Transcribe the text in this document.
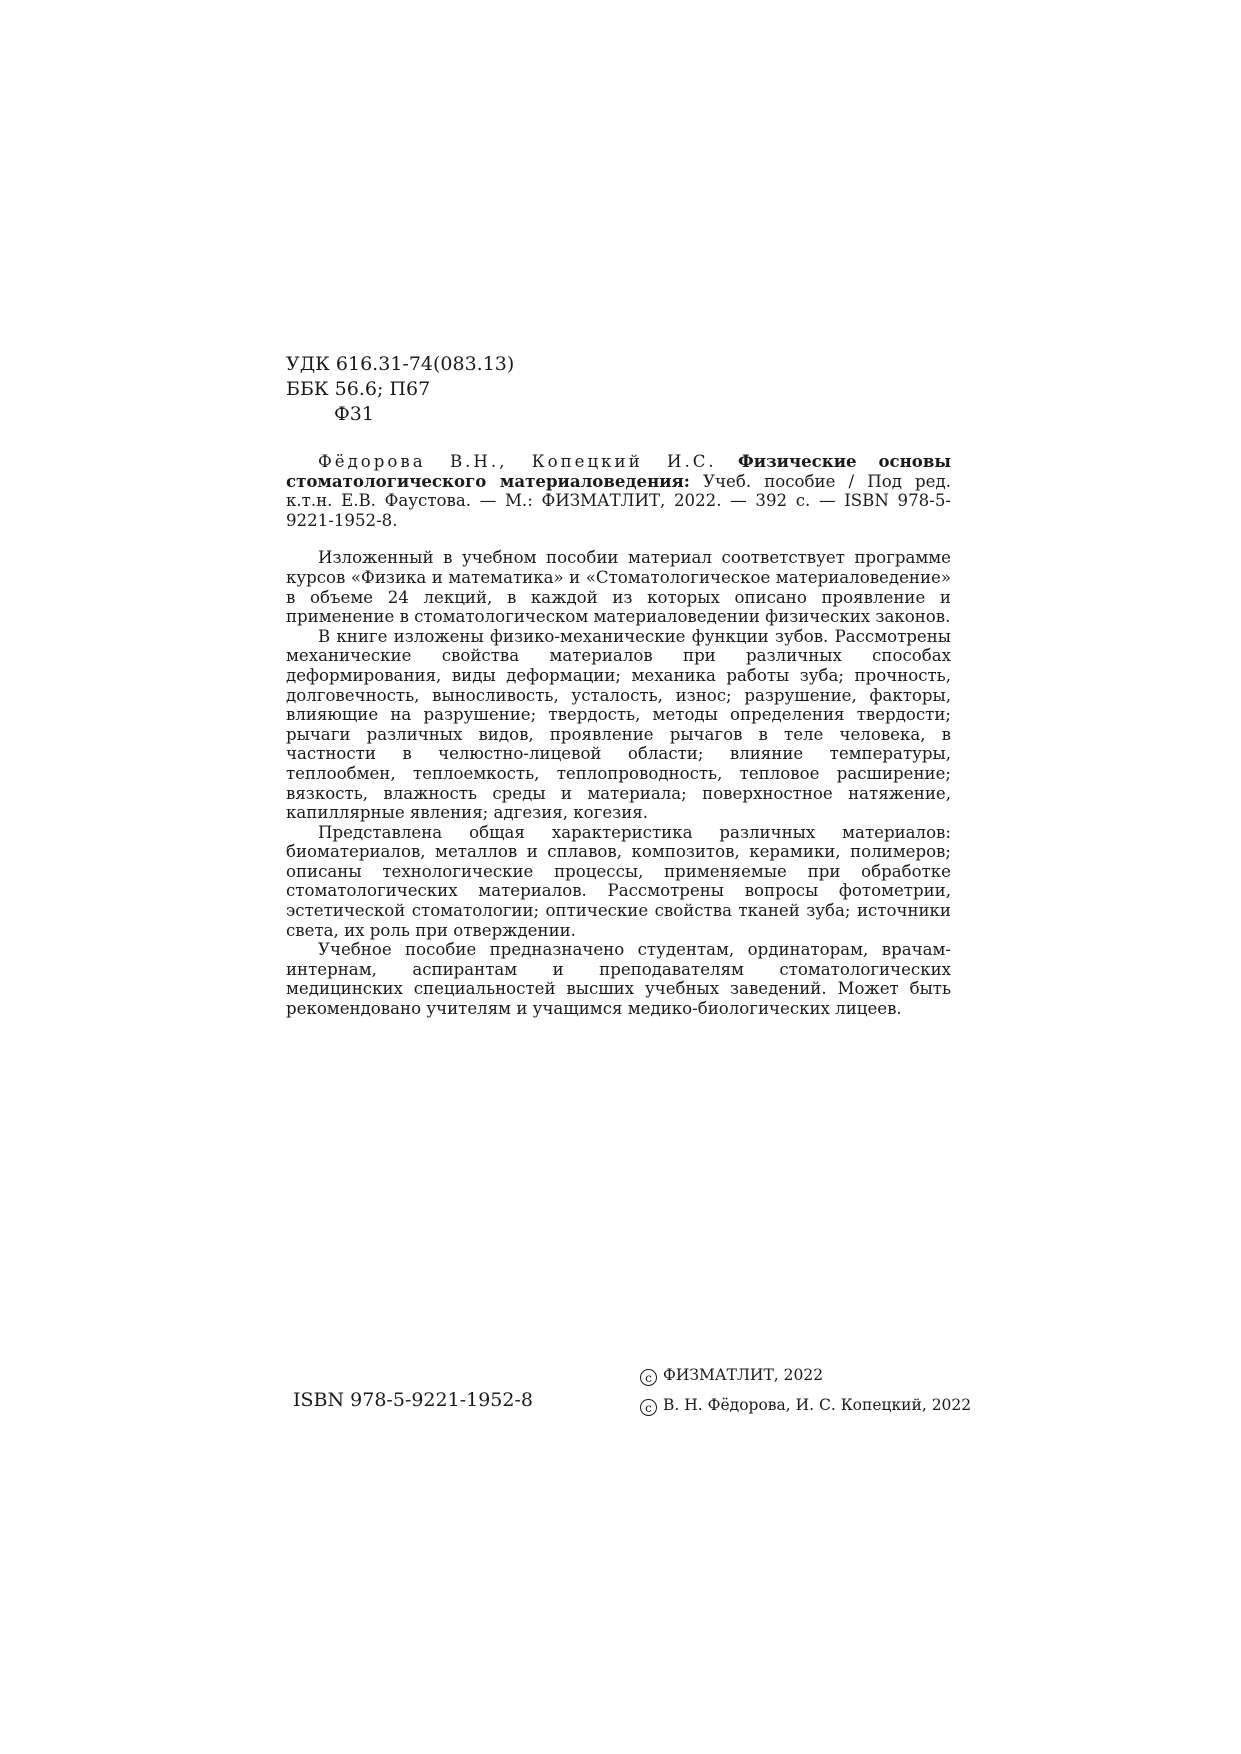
УДК 616.31-74(083.13)
ББК 56.6; П67
Ф31

Фёдорова В.Н., Копецкий И.С. Физические основы стоматологического материаловедения: Учеб. пособие / Под ред. к.т.н. Е.В. Фаустова. — М.: ФИЗМАТЛИТ, 2022. — 392 с. — ISBN 978-5-9221-1952-8.

Изложенный в учебном пособии материал соответствует программе курсов «Физика и математика» и «Стоматологическое материаловедение» в объеме 24 лекций, в каждой из которых описано проявление и применение в стоматологическом материаловедении физических законов.

В книге изложены физико-механические функции зубов. Рассмотрены механические свойства материалов при различных способах деформирования, виды деформации; механика работы зуба; прочность, долговечность, выносливость, усталость, износ; разрушение, факторы, влияющие на разрушение; твердость, методы определения твердости; рычаги различных видов, проявление рычагов в теле человека, в частности в челюстно-лицевой области; влияние температуры, теплообмен, теплоемкость, теплопроводность, тепловое расширение; вязкость, влажность среды и материала; поверхностное натяжение, капиллярные явления; адгезия, когезия.

Представлена общая характеристика различных материалов: биоматериалов, металлов и сплавов, композитов, керамики, полимеров; описаны технологические процессы, применяемые при обработке стоматологических материалов. Рассмотрены вопросы фотометрии, эстетической стоматологии; оптические свойства тканей зуба; источники света, их роль при отверждении.

Учебное пособие предназначено студентам, ординаторам, врачам-интернам, аспирантам и преподавателям стоматологических медицинских специальностей высших учебных заведений. Может быть рекомендовано учителям и учащимся медико-биологических лицеев.

ISBN 978-5-9221-1952-8
c ФИЗМАТЛИТ, 2022
c В. Н. Фёдорова, И. С. Копецкий, 2022
